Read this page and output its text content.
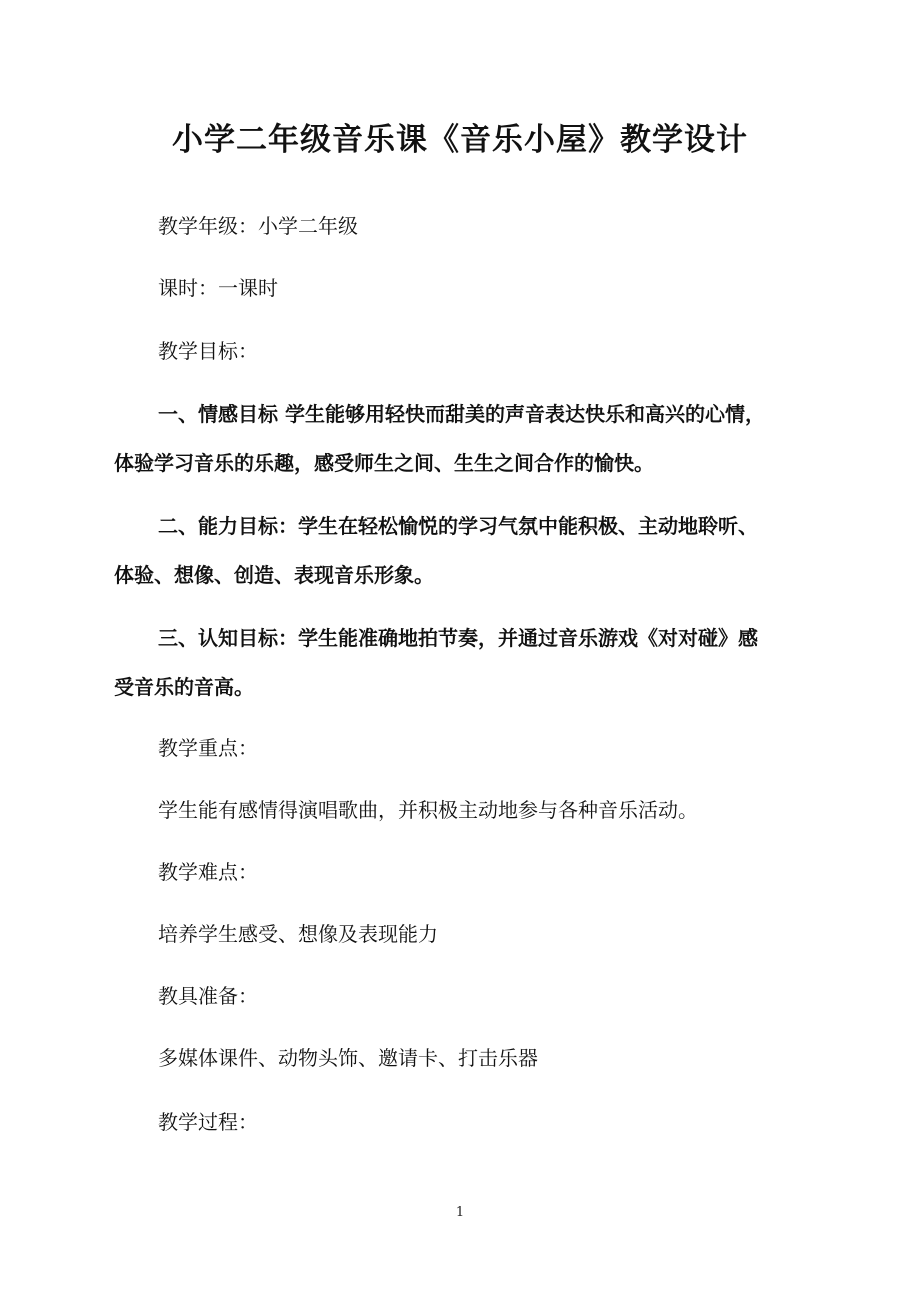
小学二年级音乐课《音乐小屋》教学设计

教学年级：小学二年级

课时：一课时

教学目标：

一、情感目标 学生能够用轻快而甜美的声音表达快乐和高兴的心情，

体验学习音乐的乐趣，感受师生之间、生生之间合作的愉快。

二、能力目标：学生在轻松愉悦的学习气氛中能积极、主动地聆听、

体验、想像、创造、表现音乐形象。

三、认知目标：学生能准确地拍节奏，并通过音乐游戏《对对碰》感

受音乐的音高。

教学重点：

学生能有感情得演唱歌曲，并积极主动地参与各种音乐活动。

教学难点：

培养学生感受、想像及表现能力

教具准备：

多媒体课件、动物头饰、邀请卡、打击乐器

教学过程：

1
